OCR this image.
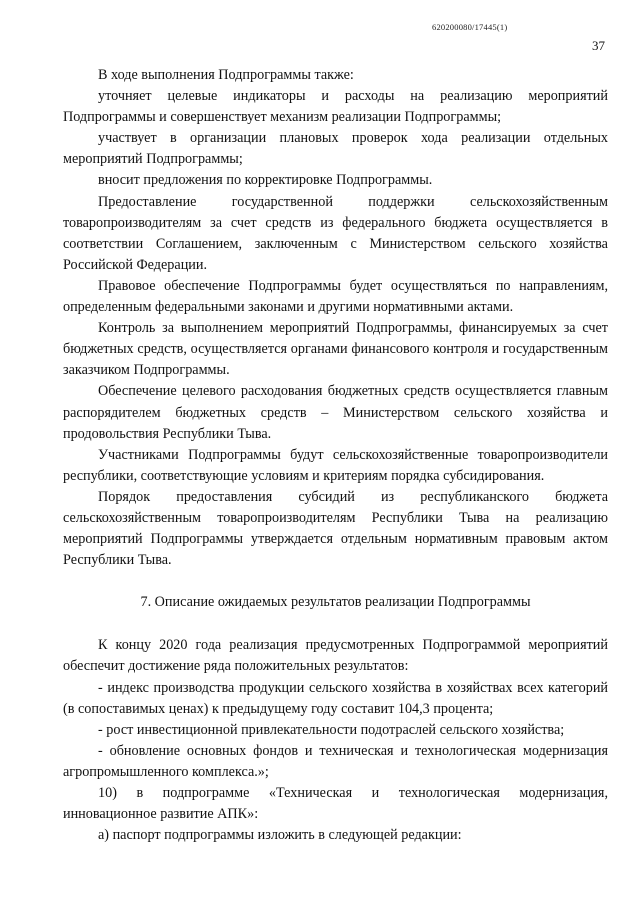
620200080/17445(1)
37

В ходе выполнения Подпрограммы также:

уточняет целевые индикаторы и расходы на реализацию мероприятий Подпрограммы и совершенствует механизм реализации Подпрограммы;

участвует в организации плановых проверок хода реализации отдельных мероприятий Подпрограммы;

вносит предложения по корректировке Подпрограммы.

Предоставление государственной поддержки сельскохозяйственным товаропроизводителям за счет средств из федерального бюджета осуществляется в соответствии Соглашением, заключенным с Министерством сельского хозяйства Российской Федерации.

Правовое обеспечение Подпрограммы будет осуществляться по направлениям, определенным федеральными законами и другими нормативными актами.

Контроль за выполнением мероприятий Подпрограммы, финансируемых за счет бюджетных средств, осуществляется органами финансового контроля и государственным заказчиком Подпрограммы.

Обеспечение целевого расходования бюджетных средств осуществляется главным распорядителем бюджетных средств – Министерством сельского хозяйства и продовольствия Республики Тыва.

Участниками Подпрограммы будут сельскохозяйственные товаропроизводители республики, соответствующие условиям и критериям порядка субсидирования.

Порядок предоставления субсидий из республиканского бюджета сельскохозяйственным товаропроизводителям Республики Тыва на реализацию мероприятий Подпрограммы утверждается отдельным нормативным правовым актом Республики Тыва.

7. Описание ожидаемых результатов реализации Подпрограммы

К концу 2020 года реализация предусмотренных Подпрограммой мероприятий обеспечит достижение ряда положительных результатов:

- индекс производства продукции сельского хозяйства в хозяйствах всех категорий (в сопоставимых ценах) к предыдущему году составит 104,3 процента;

- рост инвестиционной привлекательности подотраслей сельского хозяйства;

- обновление основных фондов и техническая и технологическая модернизация агропромышленного комплекса.»;

10) в подпрограмме «Техническая и технологическая модернизация, инновационное развитие АПК»:

а) паспорт подпрограммы изложить в следующей редакции:
